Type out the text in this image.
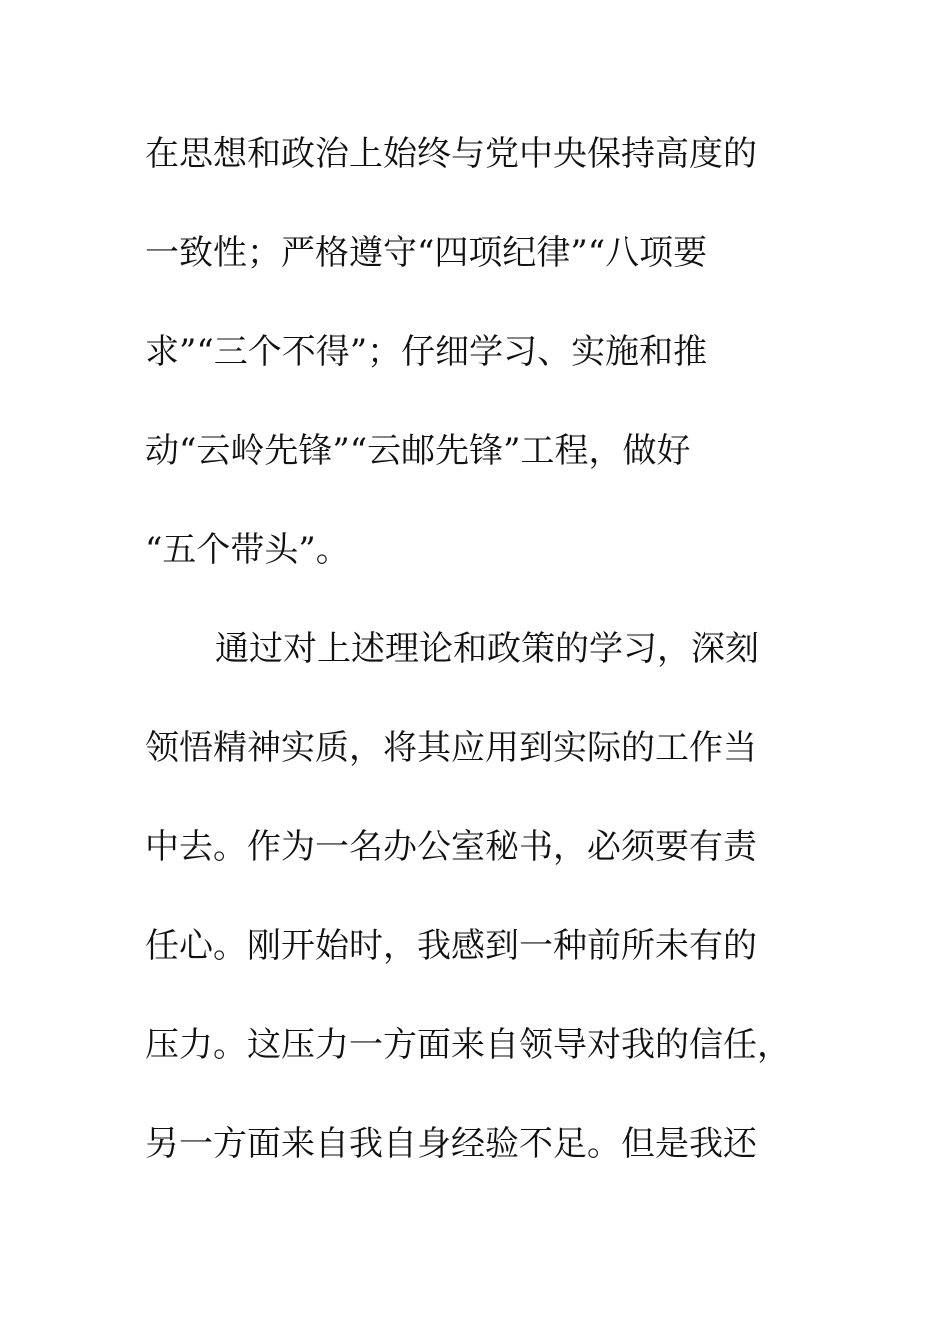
在思想和政治上始终与党中央保持高度的
一致性；严格遵守“四项纪律”“八项要
求”“三个不得”；仔细学习、实施和推
动“云岭先锋”“云邮先锋”工程，做好
“五个带头”。
通过对上述理论和政策的学习，深刻
领悟精神实质，将其应用到实际的工作当
中去。作为一名办公室秘书，必须要有责
任心。刚开始时，我感到一种前所未有的
压力。这压力一方面来自领导对我的信任，
另一方面来自我自身经验不足。但是我还
